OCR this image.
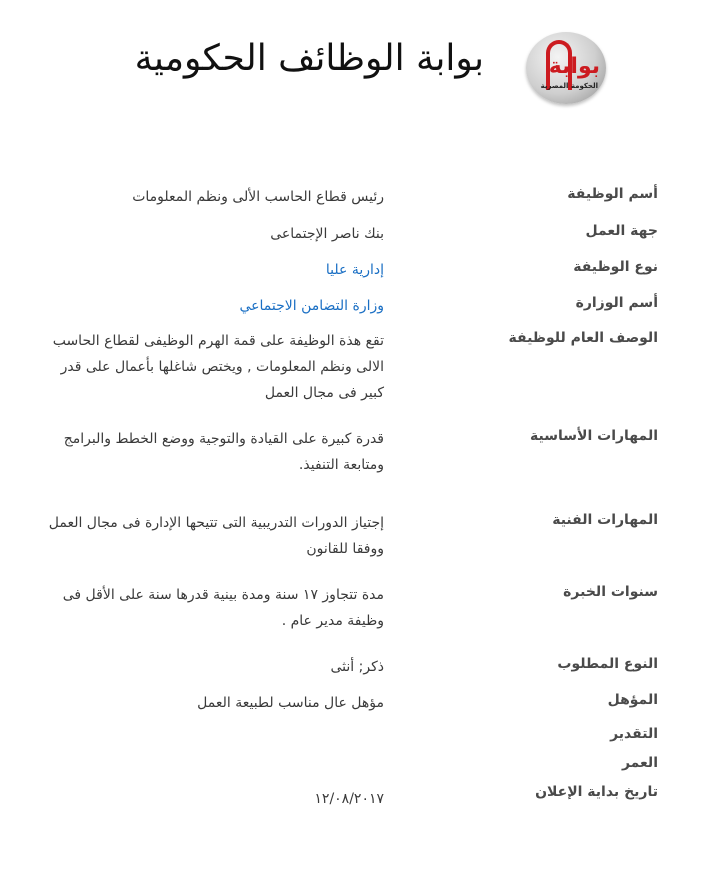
بوابة
الحكومة المصرية
بوابة الوظائف الحكومية
أسم الوظيفة
رئيس قطاع الحاسب الألى ونظم المعلومات
جهة العمل
بنك ناصر الإجتماعى
نوع الوظيفة
إدارية عليا
أسم الوزارة
وزارة التضامن الاجتماعي
الوصف العام للوظيفة
تقع هذة الوظيفة على قمة الهرم الوظيفى لقطاع الحاسب الالى ونظم المعلومات , ويختص شاغلها بأعمال على قدر كبير فى مجال العمل
المهارات الأساسية
قدرة كبيرة على القيادة والتوجية ووضع الخطط والبرامج ومتابعة التنفيذ.
المهارات الفنية
إجتياز الدورات التدريبية التى تتيحها الإدارة فى مجال العمل ووفقا للقانون
سنوات الخبرة
مدة تتجاوز ١٧ سنة ومدة بينية قدرها سنة على الأقل فى وظيفة مدير عام .
النوع المطلوب
ذكر; أنثى
المؤهل
مؤهل عال مناسب لطبيعة العمل
التقدير
العمر
تاريخ بداية الإعلان
١٢/٠٨/٢٠١٧
